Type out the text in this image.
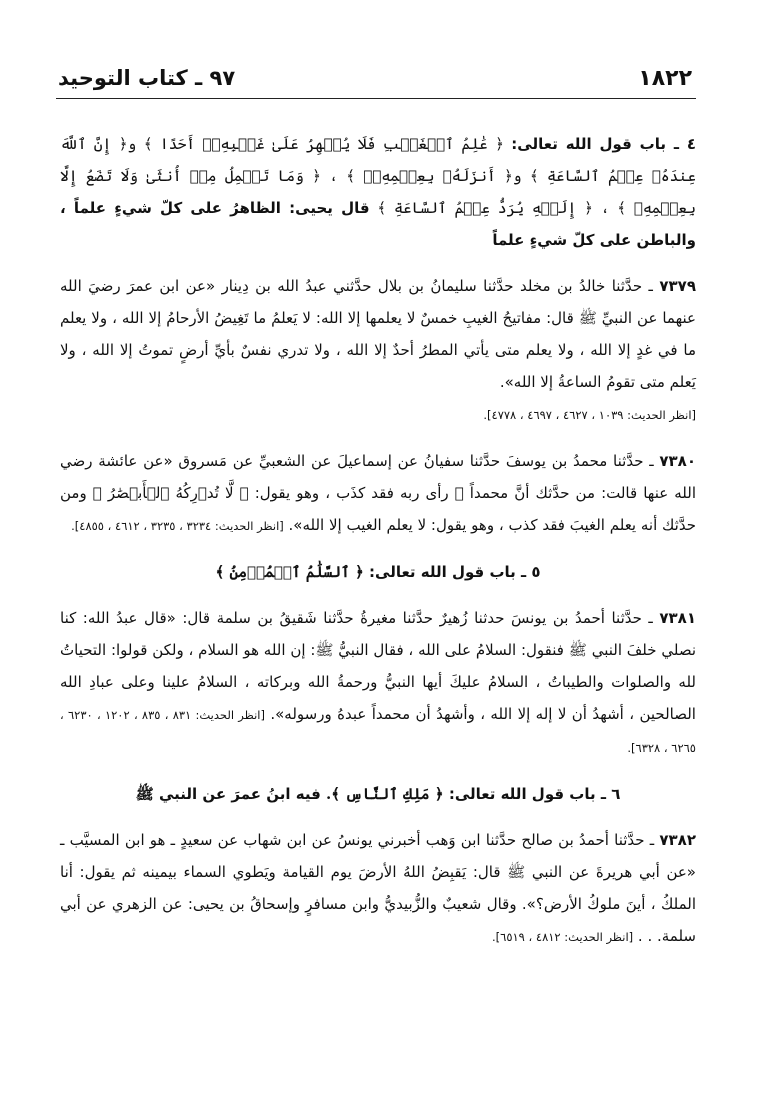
٩٧ ـ كتاب التوحيد	١٨٢٢

٤ ـ باب قول الله تعالى: ﴿ عَٰلِمُ ٱلۡغَيۡبِ فَلَا يُظۡهِرُ عَلَىٰ غَيۡبِهِۦٓ أَحَدًا ﴾ و﴿ إِنَّ ٱللَّهَ عِندَهُۥ عِلۡمُ ٱلسَّاعَةِ ﴾ و﴿ أَنزَلَهُۥ بِعِلۡمِهِۦۖ ﴾ ، ﴿ وَمَا تَحۡمِلُ مِنۡ أُنثَىٰ وَلَا تَضَعُ إِلَّا بِعِلۡمِهِۦ ﴾ ، ﴿ إِلَيۡهِ يُرَدُّ عِلۡمُ ٱلسَّاعَةِ ﴾ قال يحيى: الظاهرُ على كلّ شيءٍ علماً ، والباطن على كلّ شيءٍ علماً

٧٣٧٩ ـ حدَّثنا خالدُ بن مخلد حدَّثنا سليمانُ بن بلال حدَّثني عبدُ الله بن دِينار «عن ابن عمرَ رضيَ الله عنهما عن النبيِّ ﷺ قال: مفاتيحُ الغيبِ خمسٌ لا يعلمها إلا الله: لا يَعلمُ ما تَغِيضُ الأرحامُ إلا الله ، ولا يعلم ما في غدٍ إلا الله ، ولا يعلم متى يأتي المطرُ أحدٌ إلا الله ، ولا تدري نفسٌ بأيِّ أرضٍ تموتُ إلا الله ، ولا يَعلم متى تقومُ الساعةُ إلا الله».

[انظر الحديث: ١٠٣٩ ، ٤٦٢٧ ، ٤٦٩٧ ، ٤٧٧٨].

٧٣٨٠ ـ حدَّثنا محمدُ بن يوسفَ حدَّثنا سفيانُ عن إسماعيلَ عن الشعبيِّ عن مَسروق «عن عائشة رضي الله عنها قالت: من حدَّثك أنَّ محمداً ﷺ رأى ربه فقد كذَب ، وهو يقول: ﴿ لَّا تُدۡرِكُهُ ٱلۡأَبۡصَٰرُ ﴾ ومن حدَّثك أنه يعلم الغيبَ فقد كذب ، وهو يقول: لا يعلم الغيب إلا الله». [انظر الحديث: ٣٢٣٤ ، ٣٢٣٥ ، ٤٦١٢ ، ٤٨٥٥].

٥ ـ باب قول الله تعالى: ﴿ ٱلسَّلَٰمُ ٱلۡمُؤۡمِنُ ﴾

٧٣٨١ ـ حدَّثنا أحمدُ بن يونسَ حدثنا زُهيرٌ حدَّثنا مغيرةُ حدَّثنا شَقيقُ بن سلمة قال: «قال عبدُ الله: كنا نصلي خلفَ النبي ﷺ فنقول: السلامُ على الله ، فقال النبيُّ ﷺ: إن الله هو السلام ، ولكن قولوا: التحياتُ لله والصلوات والطيباتُ ، السلامُ عليكَ أيها النبيُّ ورحمةُ الله وبركاته ، السلامُ علينا وعلى عبادِ الله الصالحين ، أشهدُ أن لا إله إلا الله ، وأشهدُ أن محمداً عبدهُ ورسوله». [انظر الحديث: ٨٣١ ، ٨٣٥ ، ١٢٠٢ ، ٦٢٣٠ ، ٦٢٦٥ ، ٦٣٢٨].

٦ ـ باب قول الله تعالى: ﴿ مَلِكِ ٱلنَّاسِ ﴾. فيه ابنُ عمرَ عن النبي ﷺ

٧٣٨٢ ـ حدَّثنا أحمدُ بن صالح حدَّثنا ابن وَهب أخبرني يونسُ عن ابن شهاب عن سعيدٍ ـ هو ابن المسيَّب ـ «عن أبي هريرةَ عن النبي ﷺ قال: يَقبِضُ اللهُ الأرضَ يوم القيامة ويَطوي السماء بيمينه ثم يقول: أنا الملكُ ، أينَ ملوكُ الأرض؟». وقال شعيبٌ والزُّبيديُّ وابن مسافرٍ وإسحاقُ بن يحيى: عن الزهري عن أبي سلمة. . . [انظر الحديث: ٤٨١٢ ، ٦٥١٩].
